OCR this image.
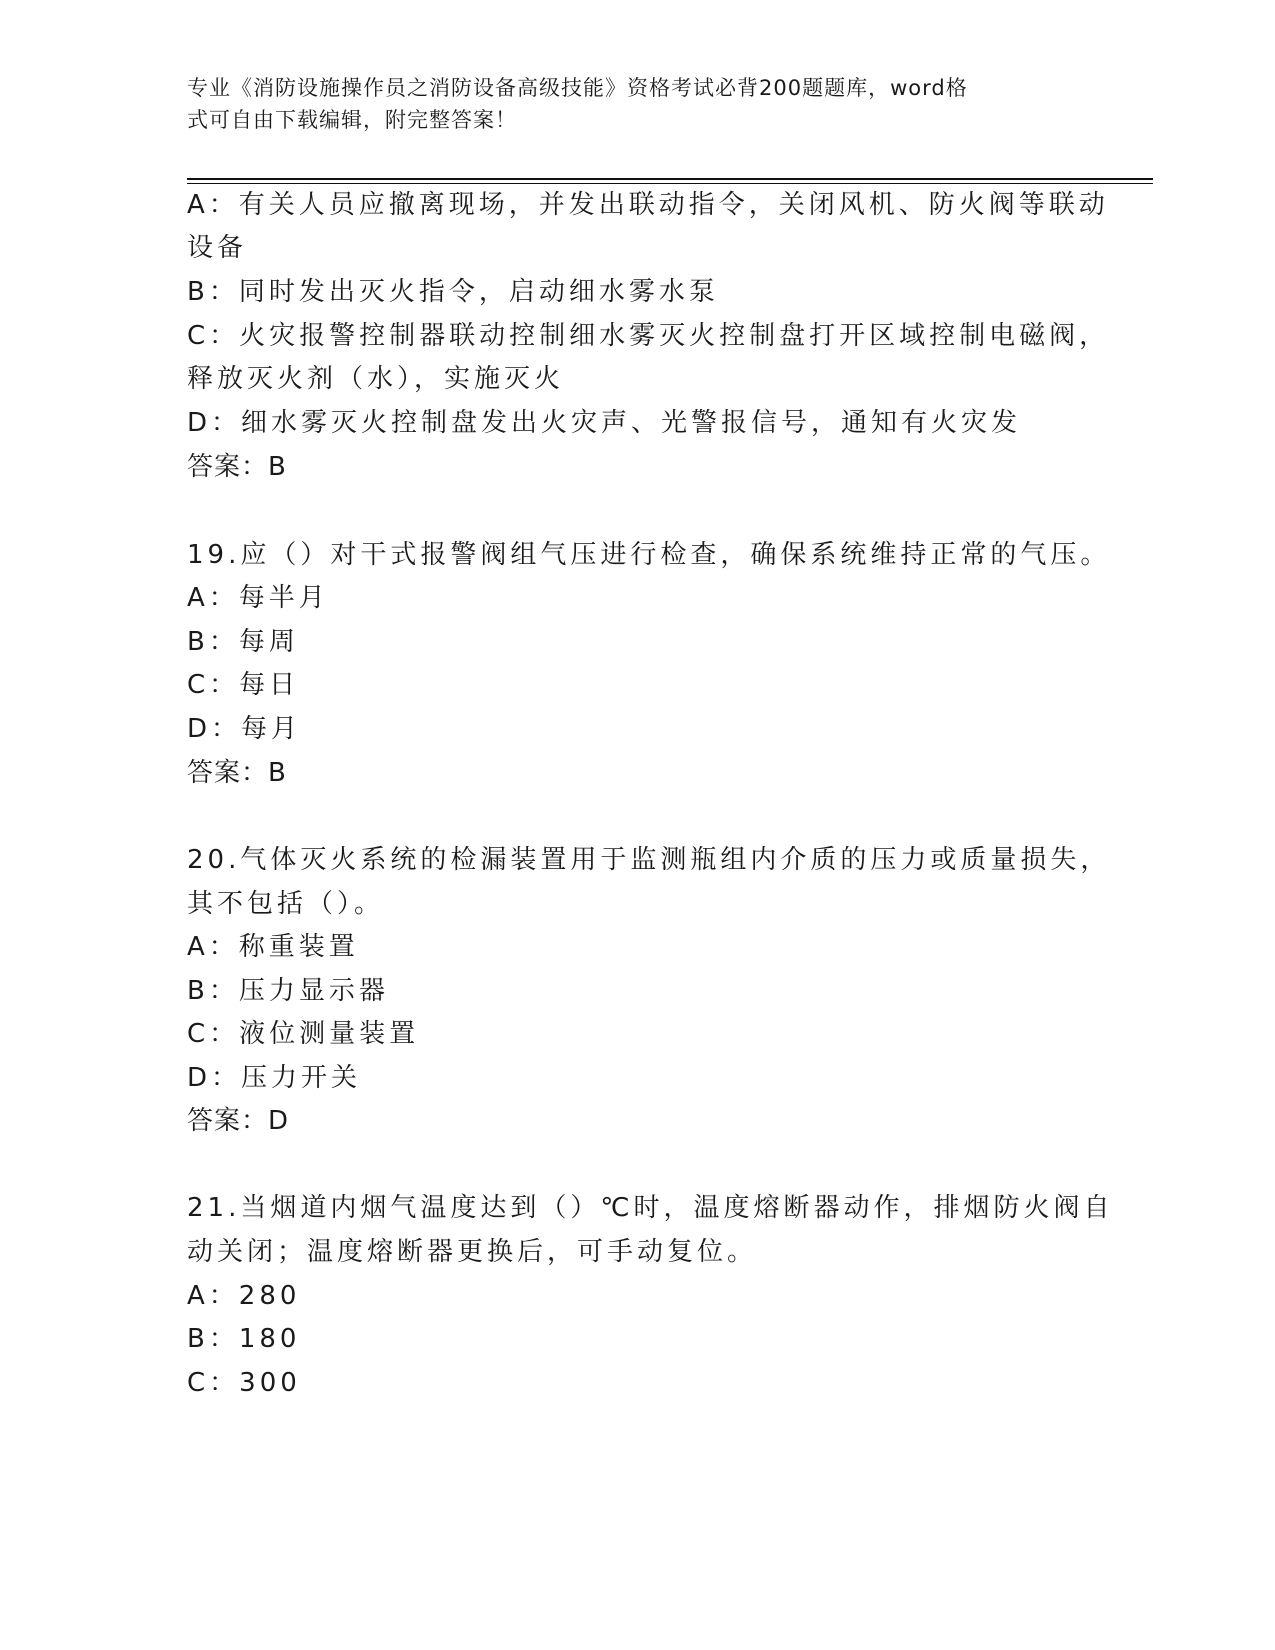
专业《消防设施操作员之消防设备高级技能》资格考试必背200题题库，word格
式可自由下载编辑，附完整答案！
A：有关人员应撤离现场，并发出联动指令，关闭风机、防火阀等联动
设备
B：同时发出灭火指令，启动细水雾水泵
C：火灾报警控制器联动控制细水雾灭火控制盘打开区域控制电磁阀，
释放灭火剂（水），实施灭火
D：细水雾灭火控制盘发出火灾声、光警报信号，通知有火灾发
答案：B
19.应（）对干式报警阀组气压进行检查，确保系统维持正常的气压。
A：每半月
B：每周
C：每日
D：每月
答案：B
20.气体灭火系统的检漏装置用于监测瓶组内介质的压力或质量损失，
其不包括（）。
A：称重装置
B：压力显示器
C：液位测量装置
D：压力开关
答案：D
21.当烟道内烟气温度达到（）℃时，温度熔断器动作，排烟防火阀自
动关闭；温度熔断器更换后，可手动复位。
A：280
B：180
C：300
